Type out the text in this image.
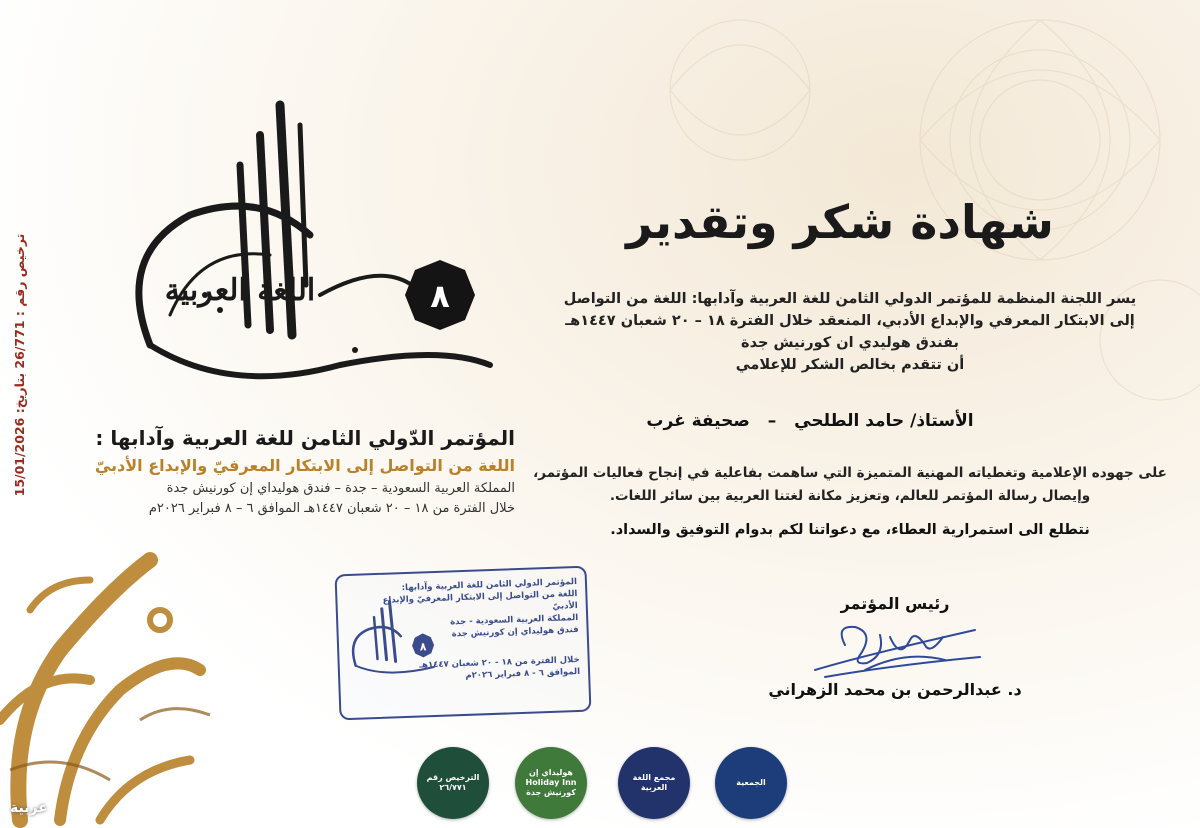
ترخيص رقم : 26/771 بتاريخ: 15/01/2026	اللغة العربية	٨
المؤتمر الدّولي الثامن للغة العربية وآدابها :
اللغة من التواصل إلى الابتكار المعرفيّ والإبداع الأدبيّ
المملكة العربية السعودية – جدة – فندق هوليداي إن كورنيش جدة
خلال الفترة من ١٨ – ٢٠ شعبان ١٤٤٧هـ الموافق ٦ – ٨ فبراير ٢٠٢٦م
٨
المؤتمر الدولي الثامن للغة العربية وآدابها:
اللغة من التواصل إلى الابتكار المعرفيّ والإبداع الأدبيّ
المملكة العربية السعودية - جدة
فندق هوليداي إن كورنيش جدة
خلال الفترة من ١٨ - ٢٠ شعبان ١٤٤٧هـ
الموافق ٦ - ٨ فبراير ٢٠٢٦م
عربية
شهادة شكر وتقدير
يسر اللجنة المنظمة للمؤتمر الدولي الثامن للغة العربية وآدابها: اللغة من التواصل
إلى الابتكار المعرفي والإبداع الأدبي، المنعقد خلال الفترة ١٨ – ٢٠ شعبان ١٤٤٧هـ
بفندق هوليدي ان كورنيش جدة
أن تتقدم بخالص الشكر للإعلامي
الأستاذ/ حامد الطلحي – صحيفة غرب
على جهوده الإعلامية وتغطياته المهنية المتميزة التي ساهمت بفاعلية في إنجاح فعاليات المؤتمر،
وإيصال رسالة المؤتمر للعالم، وتعزيز مكانة لغتنا العربية بين سائر اللغات.
نتطلع الى استمرارية العطاء، مع دعواتنا لكم بدوام التوفيق والسداد.
رئيس المؤتمر
د. عبدالرحمن بن محمد الزهراني
الترخيص رقم ٢٦/٧٧١
هوليداي إن Holiday Inn كورنيش جدة
مجمع اللغة العربية
الجمعية
